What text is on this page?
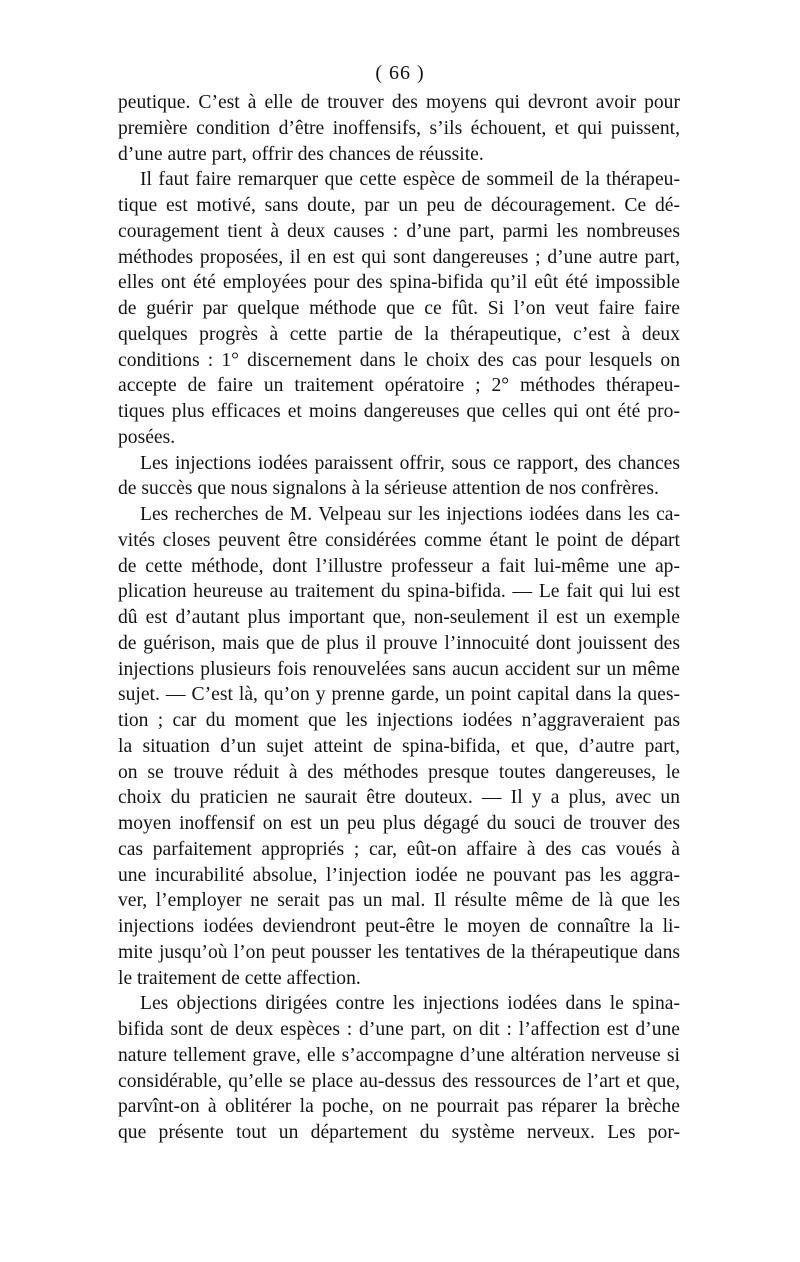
( 66 )
peutique. C’est à elle de trouver des moyens qui devront avoir pour
première condition d’être inoffensifs, s’ils échouent, et qui puissent,
d’une autre part, offrir des chances de réussite.
Il faut faire remarquer que cette espèce de sommeil de la thérapeu-
tique est motivé, sans doute, par un peu de découragement. Ce dé-
couragement tient à deux causes : d’une part, parmi les nombreuses
méthodes proposées, il en est qui sont dangereuses ; d’une autre part,
elles ont été employées pour des spina-bifida qu’il eût été impossible
de guérir par quelque méthode que ce fût. Si l’on veut faire faire
quelques progrès à cette partie de la thérapeutique, c’est à deux
conditions : 1° discernement dans le choix des cas pour lesquels on
accepte de faire un traitement opératoire ; 2° méthodes thérapeu-
tiques plus efficaces et moins dangereuses que celles qui ont été pro-
posées.
Les injections iodées paraissent offrir, sous ce rapport, des chances
de succès que nous signalons à la sérieuse attention de nos confrères.
Les recherches de M. Velpeau sur les injections iodées dans les ca-
vités closes peuvent être considérées comme étant le point de départ
de cette méthode, dont l’illustre professeur a fait lui-même une ap-
plication heureuse au traitement du spina-bifida. — Le fait qui lui est
dû est d’autant plus important que, non-seulement il est un exemple
de guérison, mais que de plus il prouve l’innocuité dont jouissent des
injections plusieurs fois renouvelées sans aucun accident sur un même
sujet. — C’est là, qu’on y prenne garde, un point capital dans la ques-
tion ; car du moment que les injections iodées n’aggraveraient pas
la situation d’un sujet atteint de spina-bifida, et que, d’autre part,
on se trouve réduit à des méthodes presque toutes dangereuses, le
choix du praticien ne saurait être douteux. — Il y a plus, avec un
moyen inoffensif on est un peu plus dégagé du souci de trouver des
cas parfaitement appropriés ; car, eût-on affaire à des cas voués à
une incurabilité absolue, l’injection iodée ne pouvant pas les aggra-
ver, l’employer ne serait pas un mal. Il résulte même de là que les
injections iodées deviendront peut-être le moyen de connaître la li-
mite jusqu’où l’on peut pousser les tentatives de la thérapeutique dans
le traitement de cette affection.
Les objections dirigées contre les injections iodées dans le spina-
bifida sont de deux espèces : d’une part, on dit : l’affection est d’une
nature tellement grave, elle s’accompagne d’une altération nerveuse si
considérable, qu’elle se place au-dessus des ressources de l’art et que,
parvînt-on à oblitérer la poche, on ne pourrait pas réparer la brèche
que présente tout un département du système nerveux. Les por-
